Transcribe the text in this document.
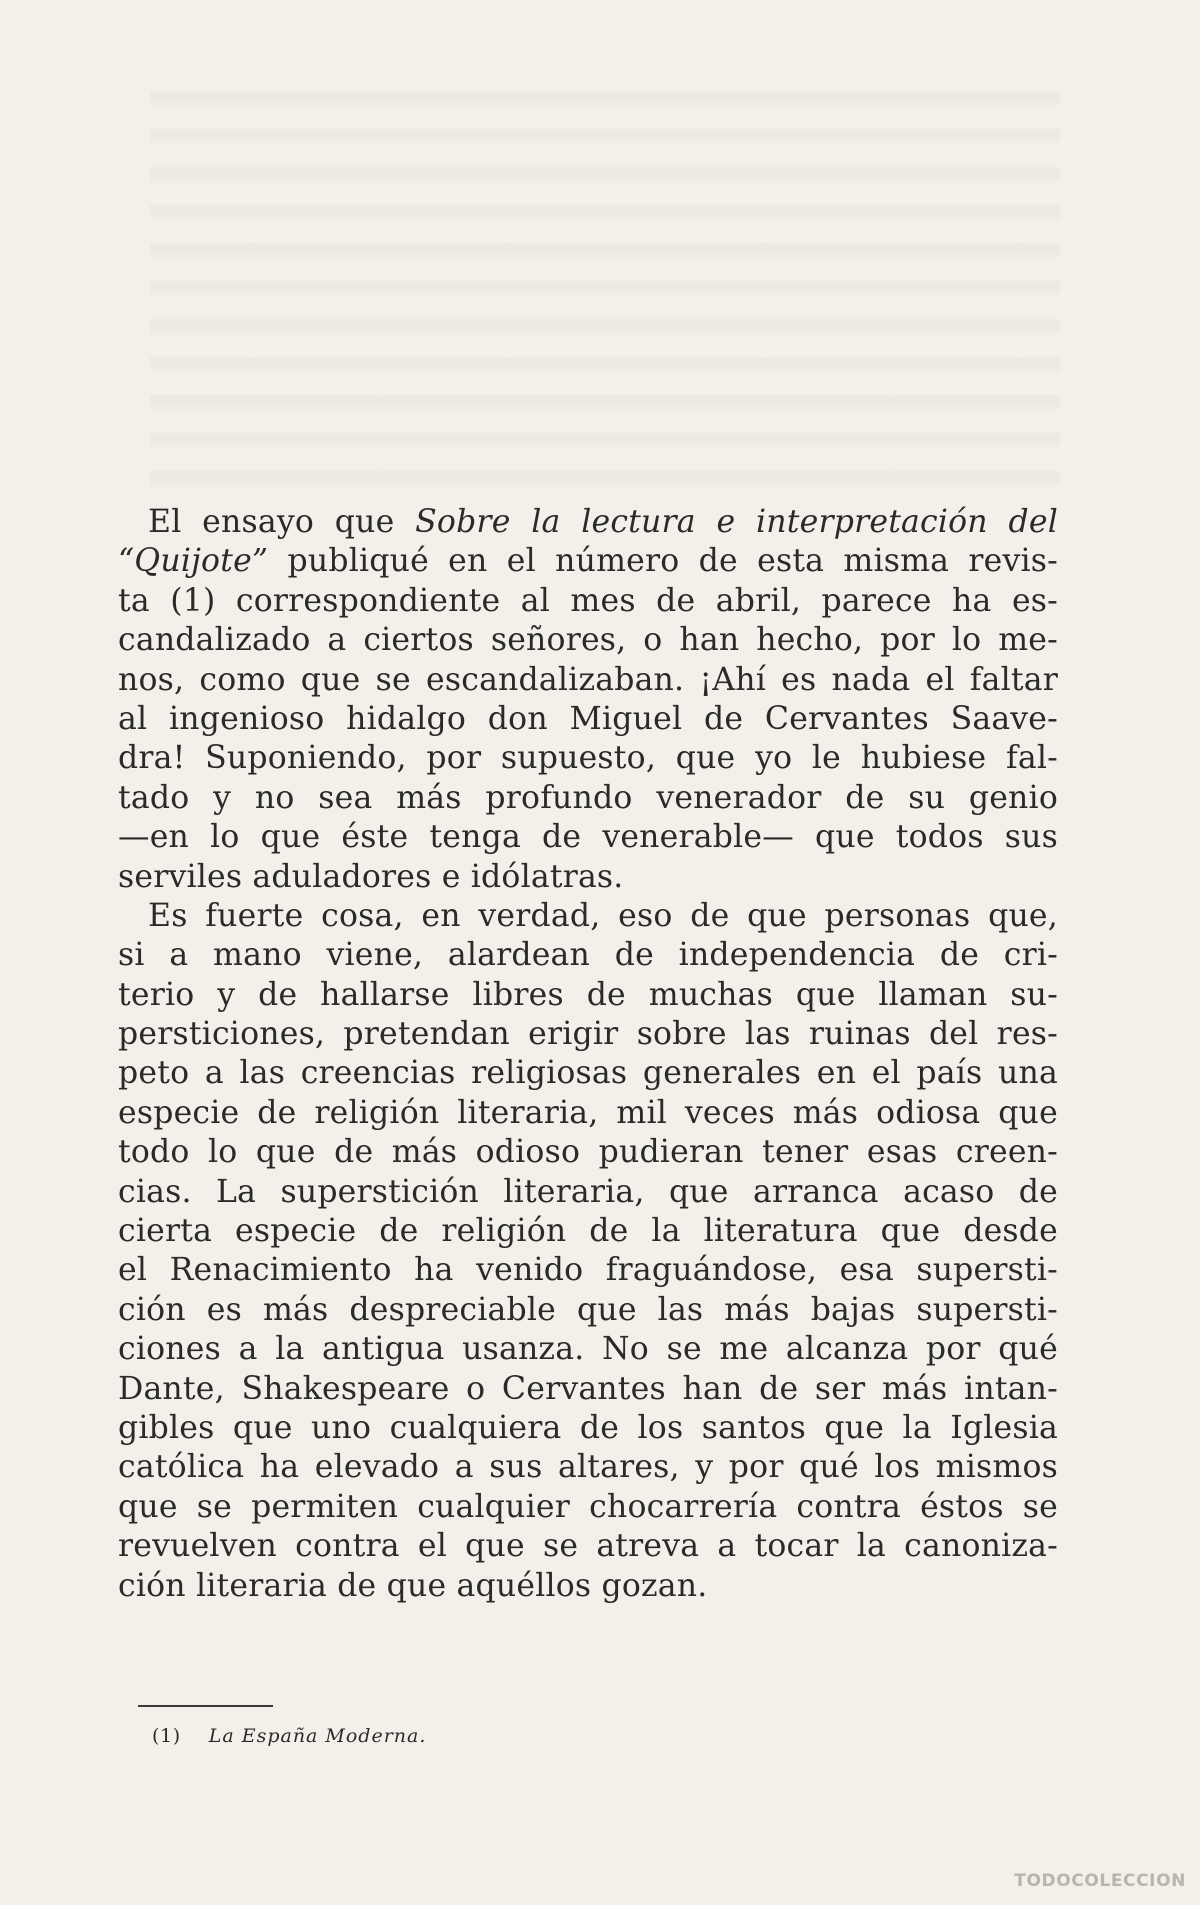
El ensayo que Sobre la lectura e interpretación del
“Quijote” publiqué en el número de esta misma revis-
ta (1) correspondiente al mes de abril, parece ha es-
candalizado a ciertos señores, o han hecho, por lo me-
nos, como que se escandalizaban. ¡Ahí es nada el faltar
al ingenioso hidalgo don Miguel de Cervantes Saave-
dra! Suponiendo, por supuesto, que yo le hubiese fal-
tado y no sea más profundo venerador de su genio
—en lo que éste tenga de venerable— que todos sus
serviles aduladores e idólatras.
Es fuerte cosa, en verdad, eso de que personas que,
si a mano viene, alardean de independencia de cri-
terio y de hallarse libres de muchas que llaman su-
persticiones, pretendan erigir sobre las ruinas del res-
peto a las creencias religiosas generales en el país una
especie de religión literaria, mil veces más odiosa que
todo lo que de más odioso pudieran tener esas creen-
cias. La superstición literaria, que arranca acaso de
cierta especie de religión de la literatura que desde
el Renacimiento ha venido fraguándose, esa supersti-
ción es más despreciable que las más bajas supersti-
ciones a la antigua usanza. No se me alcanza por qué
Dante, Shakespeare o Cervantes han de ser más intan-
gibles que uno cualquiera de los santos que la Iglesia
católica ha elevado a sus altares, y por qué los mismos
que se permiten cualquier chocarrería contra éstos se
revuelven contra el que se atreva a tocar la canoniza-
ción literaria de que aquéllos gozan.
(1) La España Moderna.
TODOCOLECCION
